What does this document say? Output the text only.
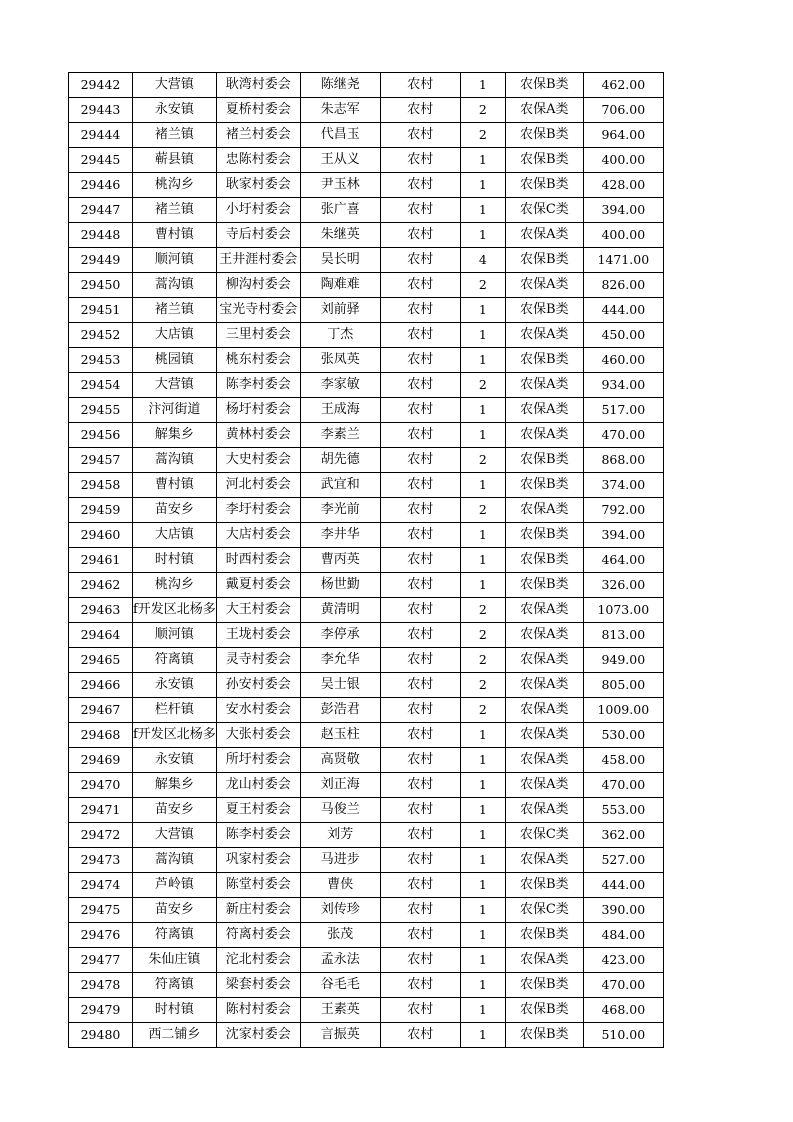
29442	大营镇	耿湾村委会	陈继尧	农村	1	农保B类	462.00
29443	永安镇	夏桥村委会	朱志军	农村	2	农保A类	706.00
29444	褚兰镇	褚兰村委会	代昌玉	农村	2	农保B类	964.00
29445	蕲县镇	忠陈村委会	王从义	农村	1	农保B类	400.00
29446	桃沟乡	耿家村委会	尹玉林	农村	1	农保B类	428.00
29447	褚兰镇	小圩村委会	张广喜	农村	1	农保C类	394.00
29448	曹村镇	寺后村委会	朱继英	农村	1	农保A类	400.00
29449	顺河镇	王井涯村委会	吴长明	农村	4	农保B类	1471.00
29450	蒿沟镇	柳沟村委会	陶难难	农村	2	农保A类	826.00
29451	褚兰镇	宝光寺村委会	刘前驿	农村	1	农保B类	444.00
29452	大店镇	三里村委会	丁杰	农村	1	农保A类	450.00
29453	桃园镇	桃东村委会	张凤英	农村	1	农保B类	460.00
29454	大营镇	陈李村委会	李家敏	农村	2	农保A类	934.00
29455	汴河街道	杨圩村委会	王成海	农村	1	农保A类	517.00
29456	解集乡	黄林村委会	李素兰	农村	1	农保A类	470.00
29457	蒿沟镇	大史村委会	胡先德	农村	2	农保B类	868.00
29458	曹村镇	河北村委会	武宜和	农村	1	农保B类	374.00
29459	苗安乡	李圩村委会	李光前	农村	2	农保A类	792.00
29460	大店镇	大店村委会	李井华	农村	1	农保B类	394.00
29461	时村镇	时西村委会	曹丙英	农村	1	农保B类	464.00
29462	桃沟乡	戴夏村委会	杨世勤	农村	1	农保B类	326.00
29463	f开发区北杨多	大王村委会	黄清明	农村	2	农保A类	1073.00
29464	顺河镇	王垅村委会	李停承	农村	2	农保A类	813.00
29465	符离镇	灵寺村委会	李允华	农村	2	农保A类	949.00
29466	永安镇	孙安村委会	吴士银	农村	2	农保A类	805.00
29467	栏杆镇	安水村委会	彭浩君	农村	2	农保A类	1009.00
29468	f开发区北杨多	大张村委会	赵玉柱	农村	1	农保A类	530.00
29469	永安镇	所圩村委会	高贤敬	农村	1	农保A类	458.00
29470	解集乡	龙山村委会	刘正海	农村	1	农保A类	470.00
29471	苗安乡	夏王村委会	马俊兰	农村	1	农保A类	553.00
29472	大营镇	陈李村委会	刘芳	农村	1	农保C类	362.00
29473	蒿沟镇	巩家村委会	马进步	农村	1	农保A类	527.00
29474	芦岭镇	陈堂村委会	曹侠	农村	1	农保B类	444.00
29475	苗安乡	新庄村委会	刘传珍	农村	1	农保C类	390.00
29476	符离镇	符离村委会	张茂	农村	1	农保B类	484.00
29477	朱仙庄镇	沱北村委会	孟永法	农村	1	农保A类	423.00
29478	符离镇	梁套村委会	谷毛毛	农村	1	农保B类	470.00
29479	时村镇	陈村村委会	王素英	农村	1	农保B类	468.00
29480	西二铺乡	沈家村委会	言振英	农村	1	农保B类	510.00
